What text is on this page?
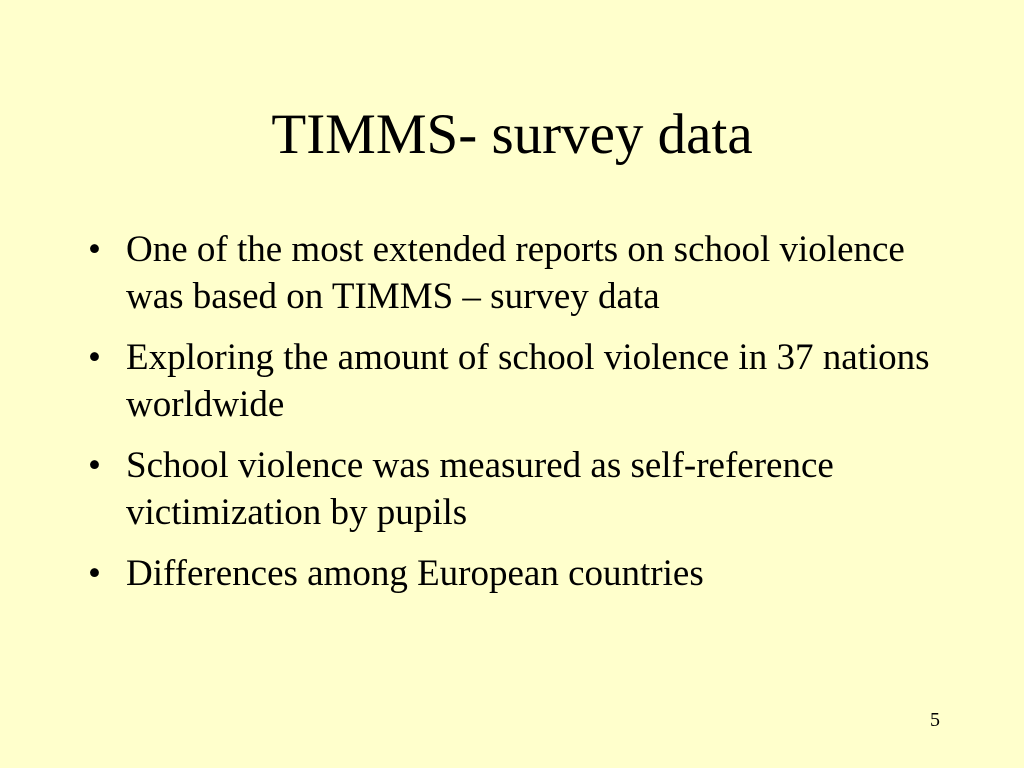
TIMMS- survey data
• One of the most extended reports on school violence was based on TIMMS – survey data
• Exploring the amount of school violence in 37 nations worldwide
• School violence was measured as self-reference victimization by pupils
• Differences among European countries
5
